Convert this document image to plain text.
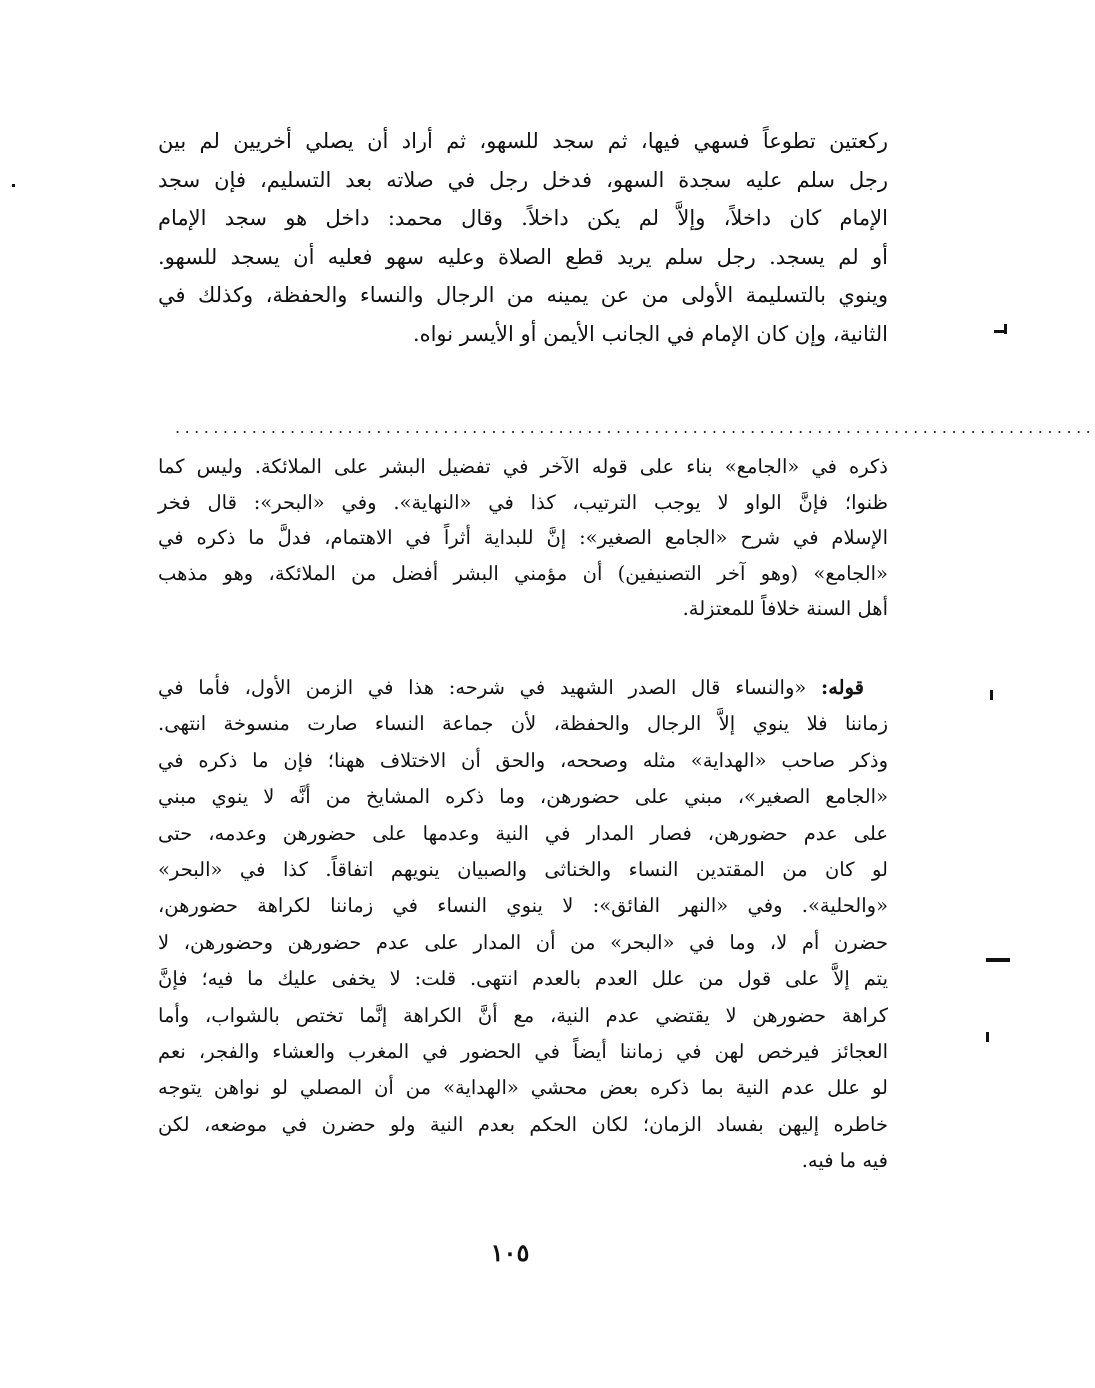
ركعتين تطوعاً فسهي فيها، ثم سجد للسهو، ثم أراد أن يصلي أخريين لم بين
رجل سلم عليه سجدة السهو، فدخل رجل في صلاته بعد التسليم، فإن سجد
الإمام كان داخلاً، وإلاَّ لم يكن داخلاً. وقال محمد: داخل هو سجد الإمام
أو لم يسجد. رجل سلم يريد قطع الصلاة وعليه سهو فعليه أن يسجد للسهو.
وينوي بالتسليمة الأولى من عن يمينه من الرجال والنساء والحفظة، وكذلك في
الثانية، وإن كان الإمام في الجانب الأيمن أو الأيسر نواه.
................................................................................................
ذكره في «الجامع» بناء على قوله الآخر في تفضيل البشر على الملائكة. وليس كما
ظنوا؛ فإنَّ الواو لا يوجب الترتيب، كذا في «النهاية». وفي «البحر»: قال فخر
الإسلام في شرح «الجامع الصغير»: إنَّ للبداية أثراً في الاهتمام، فدلَّ ما ذكره في
«الجامع» (وهو آخر التصنيفين) أن مؤمني البشر أفضل من الملائكة، وهو مذهب
أهل السنة خلافاً للمعتزلة.
قوله: «والنساء قال الصدر الشهيد في شرحه: هذا في الزمن الأول، فأما في
زماننا فلا ينوي إلاَّ الرجال والحفظة، لأن جماعة النساء صارت منسوخة انتهى.
وذكر صاحب «الهداية» مثله وصححه، والحق أن الاختلاف ههنا؛ فإن ما ذكره في
«الجامع الصغير»، مبني على حضورهن، وما ذكره المشايخ من أنَّه لا ينوي مبني
على عدم حضورهن، فصار المدار في النية وعدمها على حضورهن وعدمه، حتى
لو كان من المقتدين النساء والخناثى والصبيان ينويهم اتفاقاً. كذا في «البحر»
«والحلية». وفي «النهر الفائق»: لا ينوي النساء في زماننا لكراهة حضورهن،
حضرن أم لا، وما في «البحر» من أن المدار على عدم حضورهن وحضورهن، لا
يتم إلاَّ على قول من علل العدم بالعدم انتهى. قلت: لا يخفى عليك ما فيه؛ فإنَّ
كراهة حضورهن لا يقتضي عدم النية، مع أنَّ الكراهة إنَّما تختص بالشواب، وأما
العجائز فيرخص لهن في زماننا أيضاً في الحضور في المغرب والعشاء والفجر، نعم
لو علل عدم النية بما ذكره بعض محشي «الهداية» من أن المصلي لو نواهن يتوجه
خاطره إليهن بفساد الزمان؛ لكان الحكم بعدم النية ولو حضرن في موضعه، لكن
فيه ما فيه.
١٠٥
